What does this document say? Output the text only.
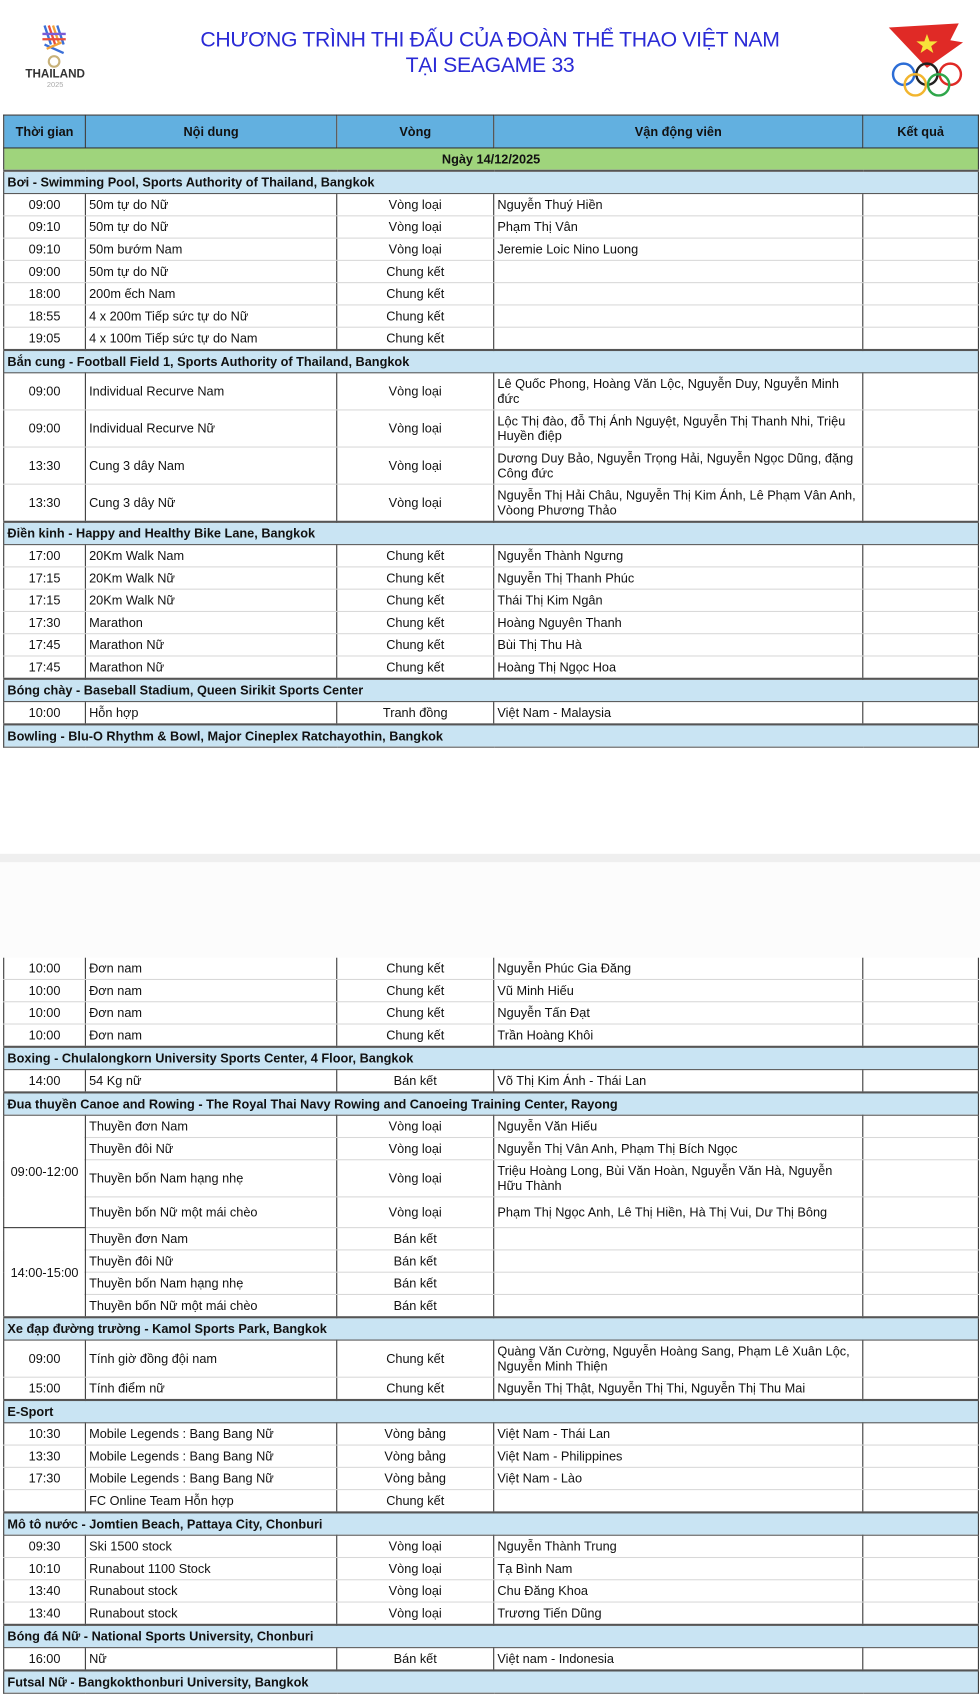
THAILAND
2025
CHƯƠNG TRÌNH THI ĐẤU CỦA ĐOÀN THỂ THAO VIỆT NAM
TẠI SEAGAME 33
Thời gian	Nội dung	Vòng	Vận động viên	Kết quả
Ngày 14/12/2025				
Bơi - Swimming Pool, Sports Authority of Thailand, Bangkok				
09:00	50m tự do Nữ	Vòng loại	Nguyễn Thuý Hiền	
09:10	50m tự do Nữ	Vòng loại	Phạm Thị Vân	
09:10	50m bướm Nam	Vòng loại	Jeremie Loic Nino Luong	
09:00	50m tự do Nữ	Chung kết		
18:00	200m ếch Nam	Chung kết		
18:55	4 x 200m Tiếp sức tự do Nữ	Chung kết		
19:05	4 x 100m Tiếp sức tự do Nam	Chung kết		
Bắn cung - Football Field 1, Sports Authority of Thailand, Bangkok				
09:00	Individual Recurve Nam	Vòng loại	Lê Quốc Phong, Hoàng Văn Lộc, Nguyễn Duy, Nguyễn Minh đức	
09:00	Individual Recurve Nữ	Vòng loại	Lộc Thị đào, đỗ Thị Ánh Nguyệt, Nguyễn Thị Thanh Nhi, Triệu Huyền điệp	
13:30	Cung 3 dây Nam	Vòng loại	Dương Duy Bảo, Nguyễn Trọng Hải, Nguyễn Ngọc Dũng, đặng Công đức	
13:30	Cung 3 dây Nữ	Vòng loại	Nguyễn Thị Hải Châu, Nguyễn Thị Kim Ánh, Lê Phạm Vân Anh, Vòong Phương Thảo	
Điền kinh - Happy and Healthy Bike Lane, Bangkok				
17:00	20Km Walk Nam	Chung kết	Nguyễn Thành Ngưng	
17:15	20Km Walk Nữ	Chung kết	Nguyễn Thị Thanh Phúc	
17:15	20Km Walk Nữ	Chung kết	Thái Thị Kim Ngân	
17:30	Marathon	Chung kết	Hoàng Nguyên Thanh	
17:45	Marathon Nữ	Chung kết	Bùi Thị Thu Hà	
17:45	Marathon Nữ	Chung kết	Hoàng Thị Ngọc Hoa	
Bóng chày - Baseball Stadium, Queen Sirikit Sports Center				
10:00	Hỗn hợp	Tranh đồng	Việt Nam - Malaysia	
Bowling - Blu-O Rhythm & Bowl, Major Cineplex Ratchayothin, Bangkok				
10:00	Đơn nam	Chung kết	Nguyễn Phúc Gia Đăng	
10:00	Đơn nam	Chung kết	Vũ Minh Hiếu	
10:00	Đơn nam	Chung kết	Nguyễn Tấn Đạt	
10:00	Đơn nam	Chung kết	Trần Hoàng Khôi	
Boxing - Chulalongkorn University Sports Center, 4 Floor, Bangkok				
14:00	54 Kg nữ	Bán kết	Võ Thị Kim Ánh - Thái Lan	
Đua thuyền Canoe and Rowing - The Royal Thai Navy Rowing and Canoeing Training Center, Rayong				
09:00-12:00	Thuyền đơn Nam	Vòng loại	Nguyễn Văn Hiếu	
	Thuyền đôi Nữ	Vòng loại	Nguyễn Thị Vân Anh, Phạm Thị Bích Ngọc	
	Thuyền bốn Nam hạng nhẹ	Vòng loại	Triệu Hoàng Long, Bùi Văn Hoàn, Nguyễn Văn Hà, Nguyễn Hữu Thành	
	Thuyền bốn Nữ một mái chèo	Vòng loại	Phạm Thị Ngọc Anh, Lê Thị Hiền, Hà Thị Vui, Dư Thị Bông	
14:00-15:00	Thuyền đơn Nam	Bán kết		
	Thuyền đôi Nữ	Bán kết		
	Thuyền bốn Nam hạng nhẹ	Bán kết		
	Thuyền bốn Nữ một mái chèo	Bán kết		
Xe đạp đường trường - Kamol Sports Park, Bangkok				
09:00	Tính giờ đồng đội nam	Chung kết	Quàng Văn Cường, Nguyễn Hoàng Sang, Phạm Lê Xuân Lộc, Nguyễn Minh Thiện	
15:00	Tính điểm nữ	Chung kết	Nguyễn Thị Thật, Nguyễn Thị Thi, Nguyễn Thị Thu Mai	
E-Sport				
10:30	Mobile Legends : Bang Bang Nữ	Vòng bảng	Việt Nam - Thái Lan	
13:30	Mobile Legends : Bang Bang Nữ	Vòng bảng	Việt Nam - Philippines	
17:30	Mobile Legends : Bang Bang Nữ	Vòng bảng	Việt Nam - Lào	
	FC Online Team Hỗn hợp	Chung kết		
Mô tô nước - Jomtien Beach, Pattaya City, Chonburi				
09:30	Ski 1500 stock	Vòng loại	Nguyễn Thành Trung	
10:10	Runabout 1100 Stock	Vòng loại	Tạ Bình Nam	
13:40	Runabout stock	Vòng loại	Chu Đăng Khoa	
13:40	Runabout stock	Vòng loại	Trương Tiến Dũng	
Bóng đá Nữ - National Sports University, Chonburi				
16:00	Nữ	Bán kết	Việt nam - Indonesia	
Futsal Nữ - Bangkokthonburi University, Bangkok				
